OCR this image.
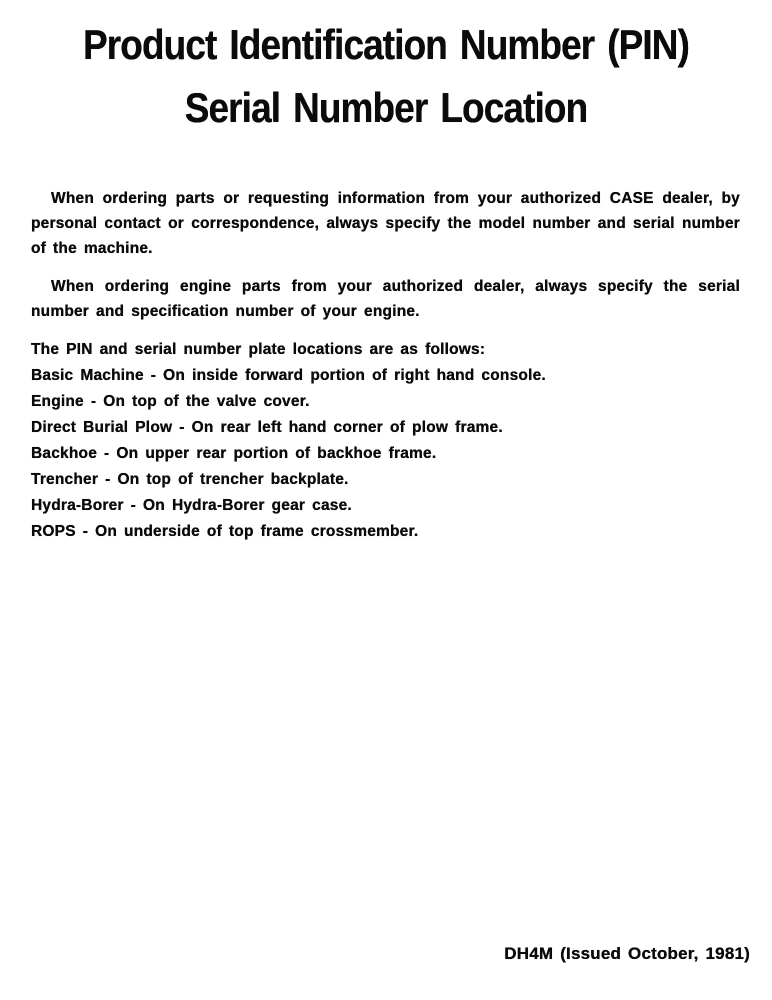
Product Identification Number (PIN)
Serial Number Location

When ordering parts or requesting information from your authorized CASE dealer, by personal contact or correspondence, always specify the model number and serial number of the machine.

When ordering engine parts from your authorized dealer, always specify the serial number and specification number of your engine.

The PIN and serial number plate locations are as follows:

Basic Machine - On inside forward portion of right hand console.

Engine - On top of the valve cover.

Direct Burial Plow - On rear left hand corner of plow frame.

Backhoe - On upper rear portion of backhoe frame.

Trencher - On top of trencher backplate.

Hydra-Borer - On Hydra-Borer gear case.

ROPS - On underside of top frame crossmember.

DH4M (Issued October, 1981)
